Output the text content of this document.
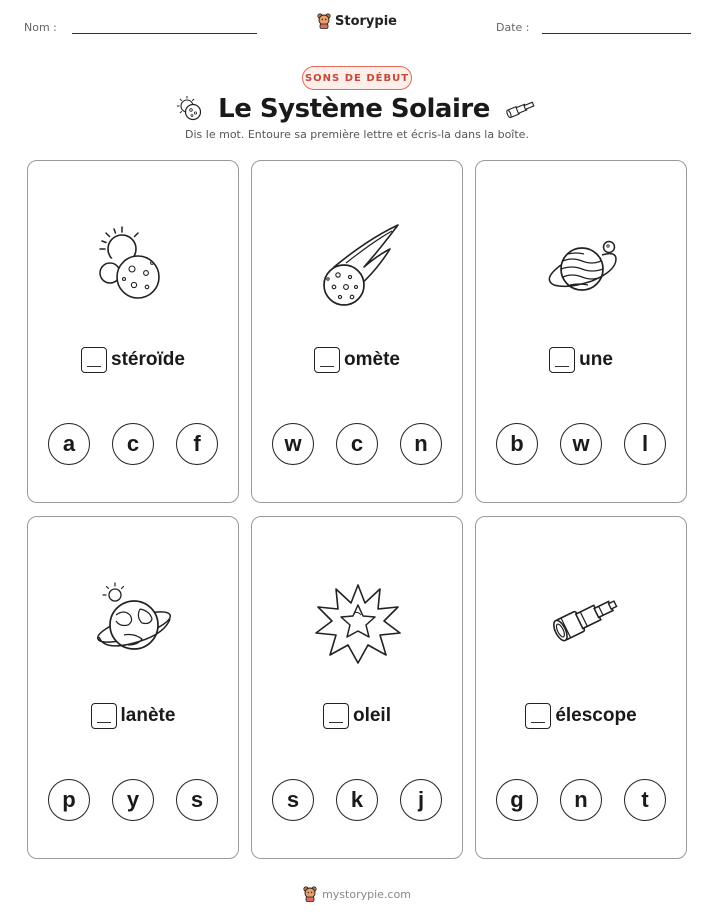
Nom :	Storypie	Date :
SONS DE DÉBUT
Le Système Solaire
Dis le mot. Entoure sa première lettre et écris-la dans la boîte.
stéroïde
a	c	f
omète
w	c	n
une
b	w	l
lanète
p	y	s
oleil
s	k	j
élescope
g	n	t
mystorypie.com
